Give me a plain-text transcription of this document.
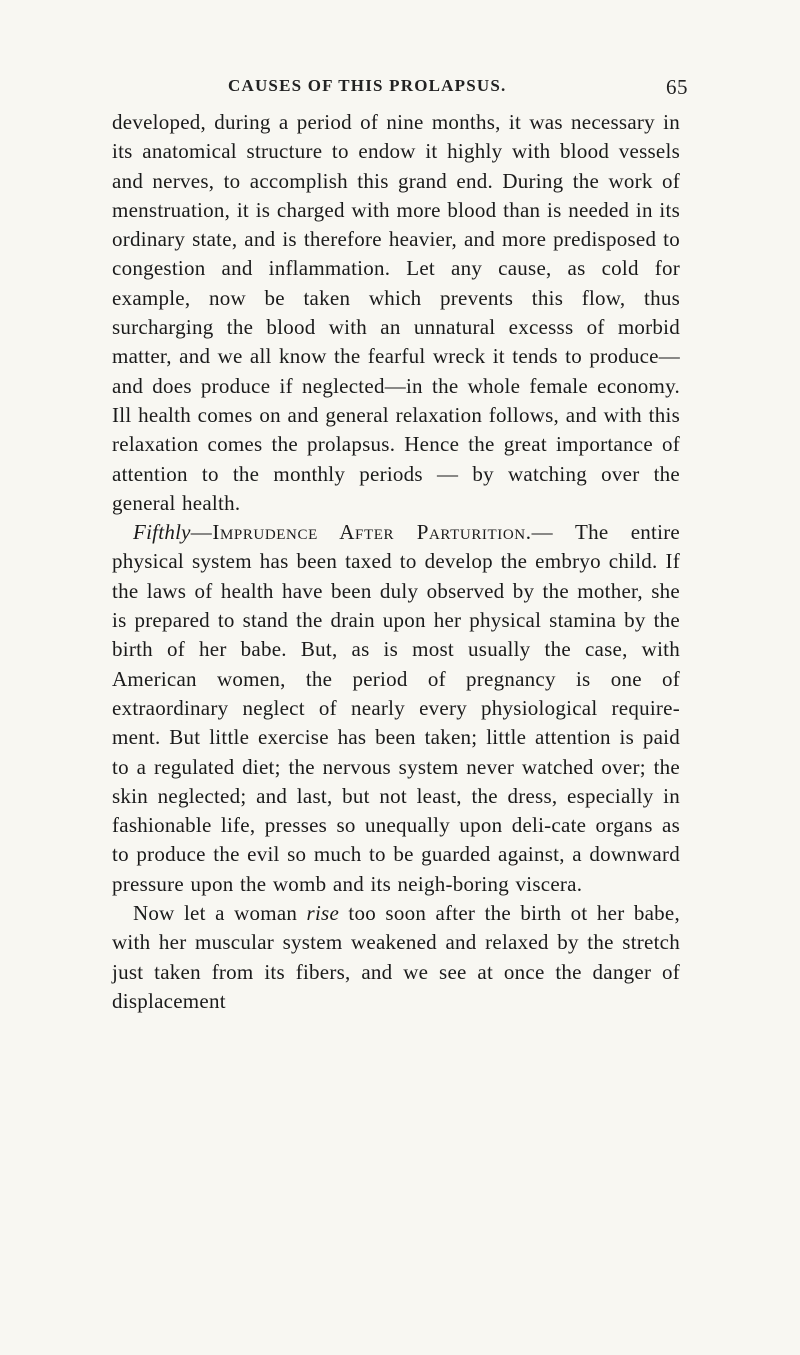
CAUSES OF THIS PROLAPSUS.	65

developed, during a period of nine months, it was necessary in its anatomical structure to endow it highly with blood vessels and nerves, to accomplish this grand end. During the work of menstruation, it is charged with more blood than is needed in its ordinary state, and is therefore heavier, and more predisposed to congestion and inflammation. Let any cause, as cold for example, now be taken which prevents this flow, thus surcharging the blood with an unnatural excesss of morbid matter, and we all know the fearful wreck it tends to produce—and does produce if neglected—in the whole female economy. Ill health comes on and general relaxation follows, and with this relaxation comes the prolapsus. Hence the great importance of attention to the monthly periods — by watching over the general health.

Fifthly—Imprudence After Parturition.— The entire physical system has been taxed to develop the embryo child. If the laws of health have been duly observed by the mother, she is prepared to stand the drain upon her physical stamina by the birth of her babe. But, as is most usually the case, with American women, the period of pregnancy is one of extraordinary neglect of nearly every physiological require-ment. But little exercise has been taken; little attention is paid to a regulated diet; the nervous system never watched over; the skin neglected; and last, but not least, the dress, especially in fashionable life, presses so unequally upon deli-cate organs as to produce the evil so much to be guarded against, a downward pressure upon the womb and its neigh-boring viscera.

Now let a woman rise too soon after the birth ot her babe, with her muscular system weakened and relaxed by the stretch just taken from its fibers, and we see at once the danger of displacement
